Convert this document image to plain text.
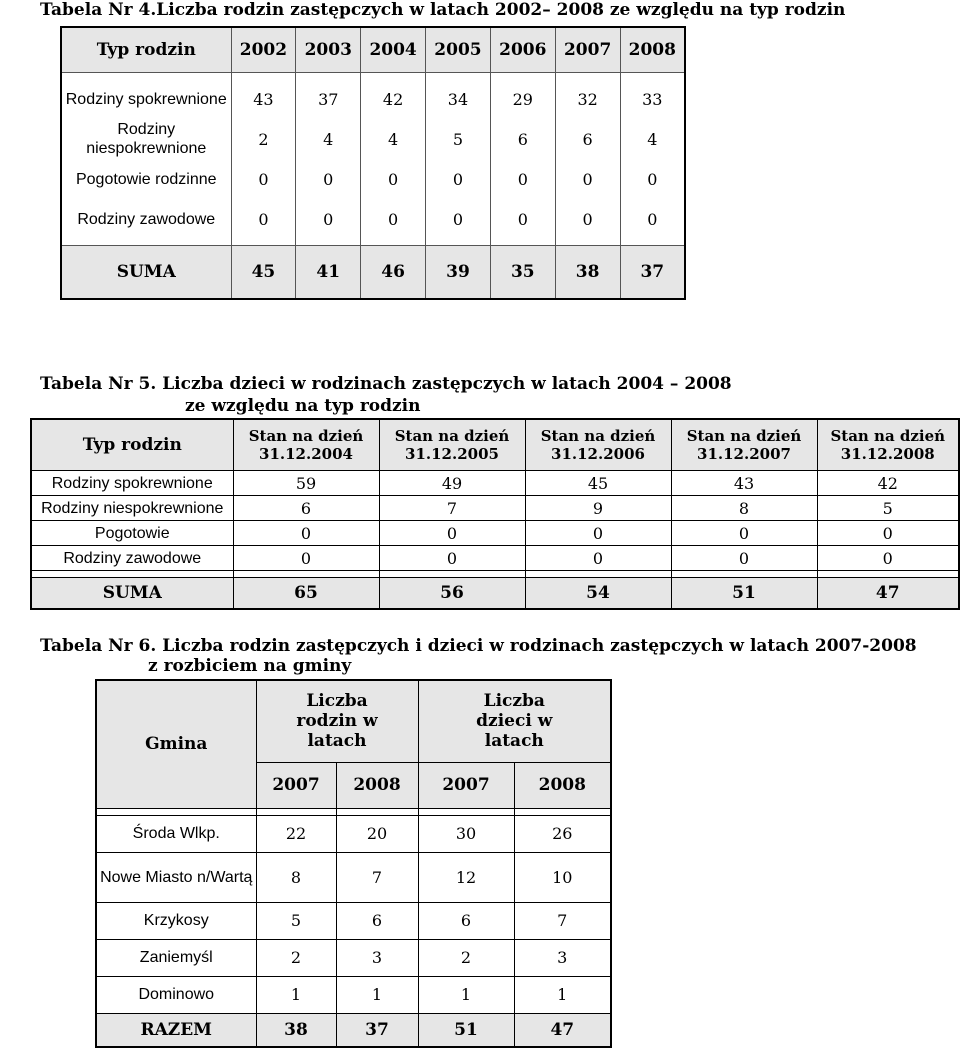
Tabela Nr 4.Liczba rodzin zastępczych w latach 2002– 2008 ze względu na typ rodzin
Typ rodzin	2002	2003	2004	2005	2006	2007	2008

Rodziny spokrewnione	43	37	42	34	29	32	33
Rodziny niespokrewnione	2	4	4	5	6	6	4
Pogotowie rodzinne	0	0	0	0	0	0	0
Rodziny zawodowe	0	0	0	0	0	0	0

SUMA	45	41	46	39	35	38	37
Tabela Nr 5. Liczba dzieci w rodzinach zastępczych w latach 2004 – 2008
ze względu na typ rodzin
Typ rodzin	Stan na dzień 31.12.2004	Stan na dzień 31.12.2005	Stan na dzień 31.12.2006	Stan na dzień 31.12.2007	Stan na dzień 31.12.2008
Rodziny spokrewnione	59	49	45	43	42
Rodziny niespokrewnione	6	7	9	8	5
Pogotowie	0	0	0	0	0
Rodziny zawodowe	0	0	0	0	0

SUMA	65	56	54	51	47
Tabela Nr 6. Liczba rodzin zastępczych i dzieci w rodzinach zastępczych w latach 2007-2008
z rozbiciem na gminy
Gmina	Liczba rodzin w latach		Liczba dzieci w latach	
	2007	2008	2007	2008

Środa Wlkp.	22	20	30	26
Nowe Miasto n/Wartą	8	7	12	10
Krzykosy	5	6	6	7
Zaniemyśl	2	3	2	3
Dominowo	1	1	1	1
RAZEM	38	37	51	47
